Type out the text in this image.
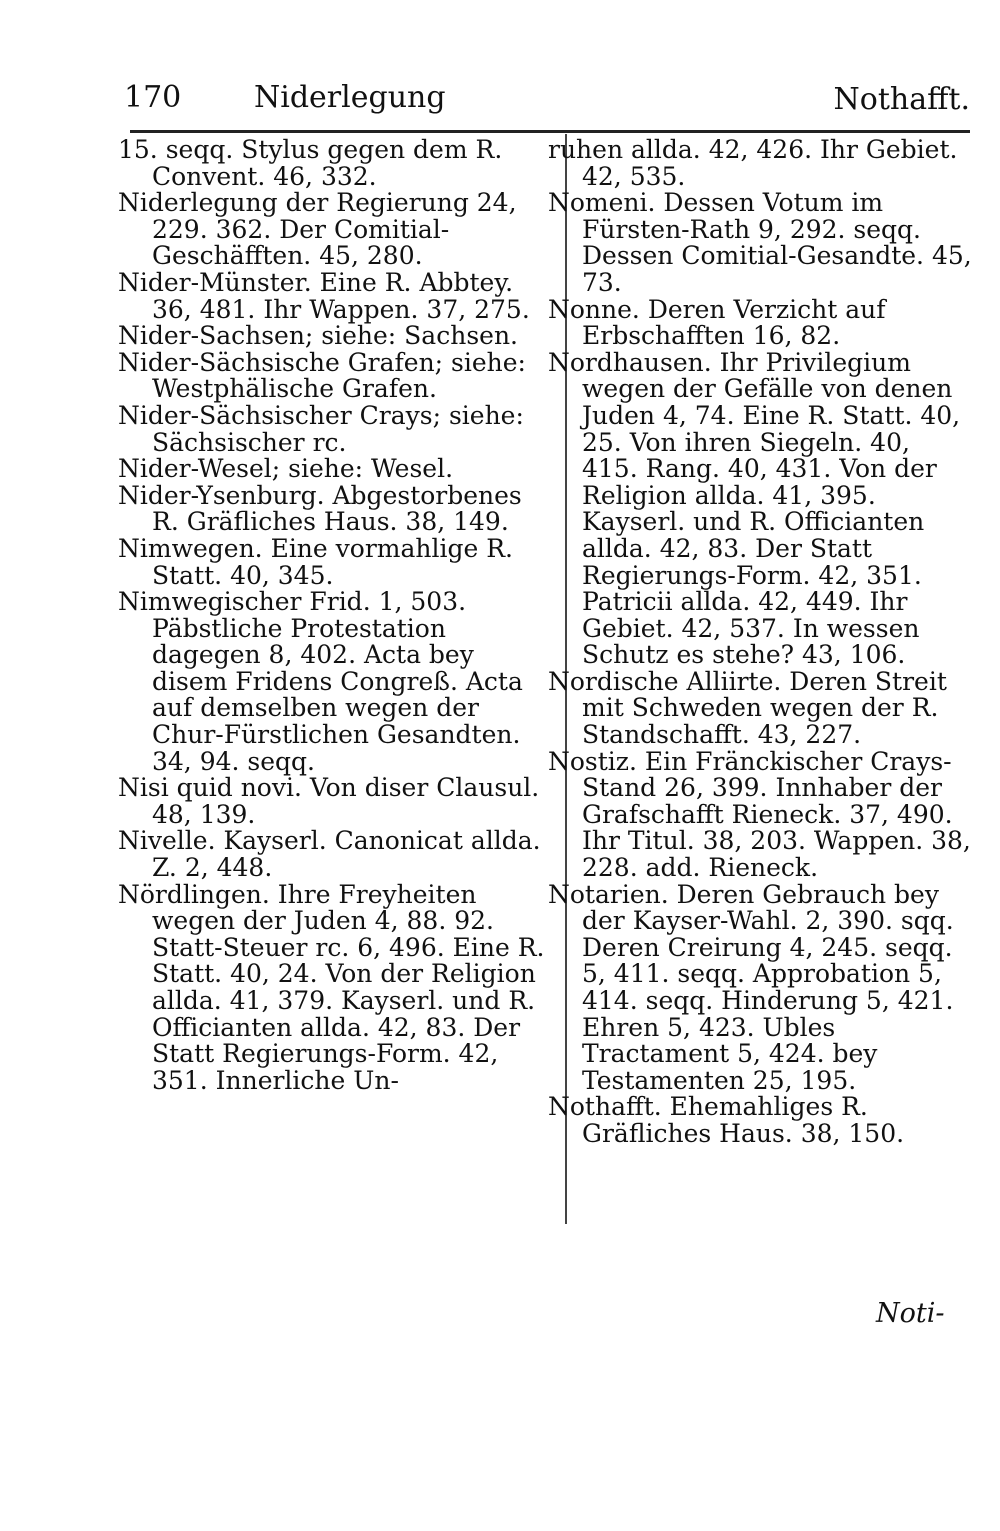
170 Niderlegung	Nothafft.

15. seqq. Stylus gegen dem R. Convent. 46, 332.

Niderlegung der Regierung 24, 229. 362. Der Comitial-Geschäfften. 45, 280.

Nider-Münster. Eine R. Abbtey. 36, 481. Ihr Wappen. 37, 275.

Nider-Sachsen; siehe: Sachsen.

Nider-Sächsische Grafen; siehe: Westphälische Grafen.

Nider-Sächsischer Crays; siehe: Sächsischer rc.

Nider-Wesel; siehe: Wesel.

Nider-Ysenburg. Abgestorbenes R. Gräfliches Haus. 38, 149.

Nimwegen. Eine vormahlige R. Statt. 40, 345.

Nimwegischer Frid. 1, 503. Päbstliche Protestation dagegen 8, 402. Acta bey disem Fridens Congreß. Acta auf demselben wegen der Chur-Fürstlichen Gesandten. 34, 94. seqq.

Nisi quid novi. Von diser Clausul. 48, 139.

Nivelle. Kayserl. Canonicat allda. Z. 2, 448.

Nördlingen. Ihre Freyheiten wegen der Juden 4, 88. 92. Statt-Steuer rc. 6, 496. Eine R. Statt. 40, 24. Von der Religion allda. 41, 379. Kayserl. und R. Officianten allda. 42, 83. Der Statt Regierungs-Form. 42, 351. Innerliche Un-

ruhen allda. 42, 426. Ihr Gebiet. 42, 535.

Nomeni. Dessen Votum im Fürsten-Rath 9, 292. seqq. Dessen Comitial-Gesandte. 45, 73.

Nonne. Deren Verzicht auf Erbschafften 16, 82.

Nordhausen. Ihr Privilegium wegen der Gefälle von denen Juden 4, 74. Eine R. Statt. 40, 25. Von ihren Siegeln. 40, 415. Rang. 40, 431. Von der Religion allda. 41, 395. Kayserl. und R. Officianten allda. 42, 83. Der Statt Regierungs-Form. 42, 351. Patricii allda. 42, 449. Ihr Gebiet. 42, 537. In wessen Schutz es stehe? 43, 106.

Nordische Alliirte. Deren Streit mit Schweden wegen der R. Standschafft. 43, 227.

Nostiz. Ein Fränckischer Crays-Stand 26, 399. Innhaber der Grafschafft Rieneck. 37, 490. Ihr Titul. 38, 203. Wappen. 38, 228. add. Rieneck.

Notarien. Deren Gebrauch bey der Kayser-Wahl. 2, 390. sqq. Deren Creirung 4, 245. seqq. 5, 411. seqq. Approbation 5, 414. seqq. Hinderung 5, 421. Ehren 5, 423. Ubles Tractament 5, 424. bey Testamenten 25, 195.

Nothafft. Ehemahliges R. Gräfliches Haus. 38, 150.

Noti-
